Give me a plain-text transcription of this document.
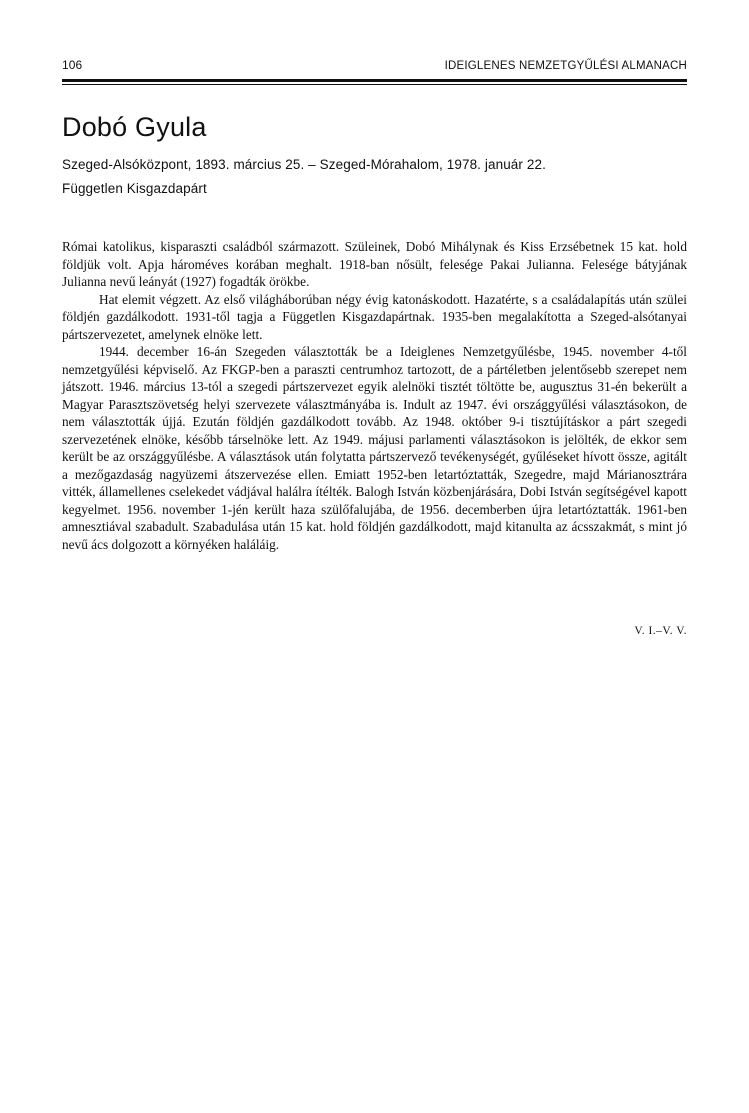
106	IDEIGLENES NEMZETGYŰLÉSI ALMANACH
Dobó Gyula
Szeged-Alsóközpont, 1893. március 25. – Szeged-Mórahalom, 1978. január 22.
Független Kisgazdapárt

Római katolikus, kisparaszti családból származott. Szüleinek, Dobó Mihálynak és Kiss Erzsébetnek 15 kat. hold földjük volt. Apja hároméves korában meghalt. 1918-ban nősült, felesége Pakai Julianna. Felesége bátyjának Julianna nevű leányát (1927) fogadták örökbe.

Hat elemit végzett. Az első világháborúban négy évig katonáskodott. Hazatérte, s a családalapítás után szülei földjén gazdálkodott. 1931-től tagja a Független Kisgazdapártnak. 1935-ben megalakította a Szeged-alsótanyai pártszervezetet, amelynek elnöke lett.

1944. december 16-án Szegeden választották be a Ideiglenes Nemzetgyűlésbe, 1945. november 4-től nemzetgyűlési képviselő. Az FKGP-ben a paraszti centrumhoz tartozott, de a pártéletben jelentősebb szerepet nem játszott. 1946. március 13-tól a szegedi pártszervezet egyik alelnöki tisztét töltötte be, augusztus 31-én bekerült a Magyar Parasztszövetség helyi szervezete választmányába is. Indult az 1947. évi országgyűlési választásokon, de nem választották újjá. Ezután földjén gazdálkodott tovább. Az 1948. október 9-i tisztújításkor a párt szegedi szervezetének elnöke, később társelnöke lett. Az 1949. májusi parlamenti választásokon is jelölték, de ekkor sem került be az országgyűlésbe. A választások után folytatta pártszervező tevékenységét, gyűléseket hívott össze, agitált a mezőgazdaság nagyüzemi átszervezése ellen. Emiatt 1952-ben letartóztatták, Szegedre, majd Márianosztrára vitték, államellenes cselekedet vádjával halálra ítélték. Balogh István közbenjárására, Dobi István segítségével kapott kegyelmet. 1956. november 1-jén került haza szülőfalujába, de 1956. decemberben újra letartóztatták. 1961-ben amnesztiával szabadult. Szabadulása után 15 kat. hold földjén gazdálkodott, majd kitanulta az ácsszakmát, s mint jó nevű ács dolgozott a környéken haláláig.

V. I.–V. V.
